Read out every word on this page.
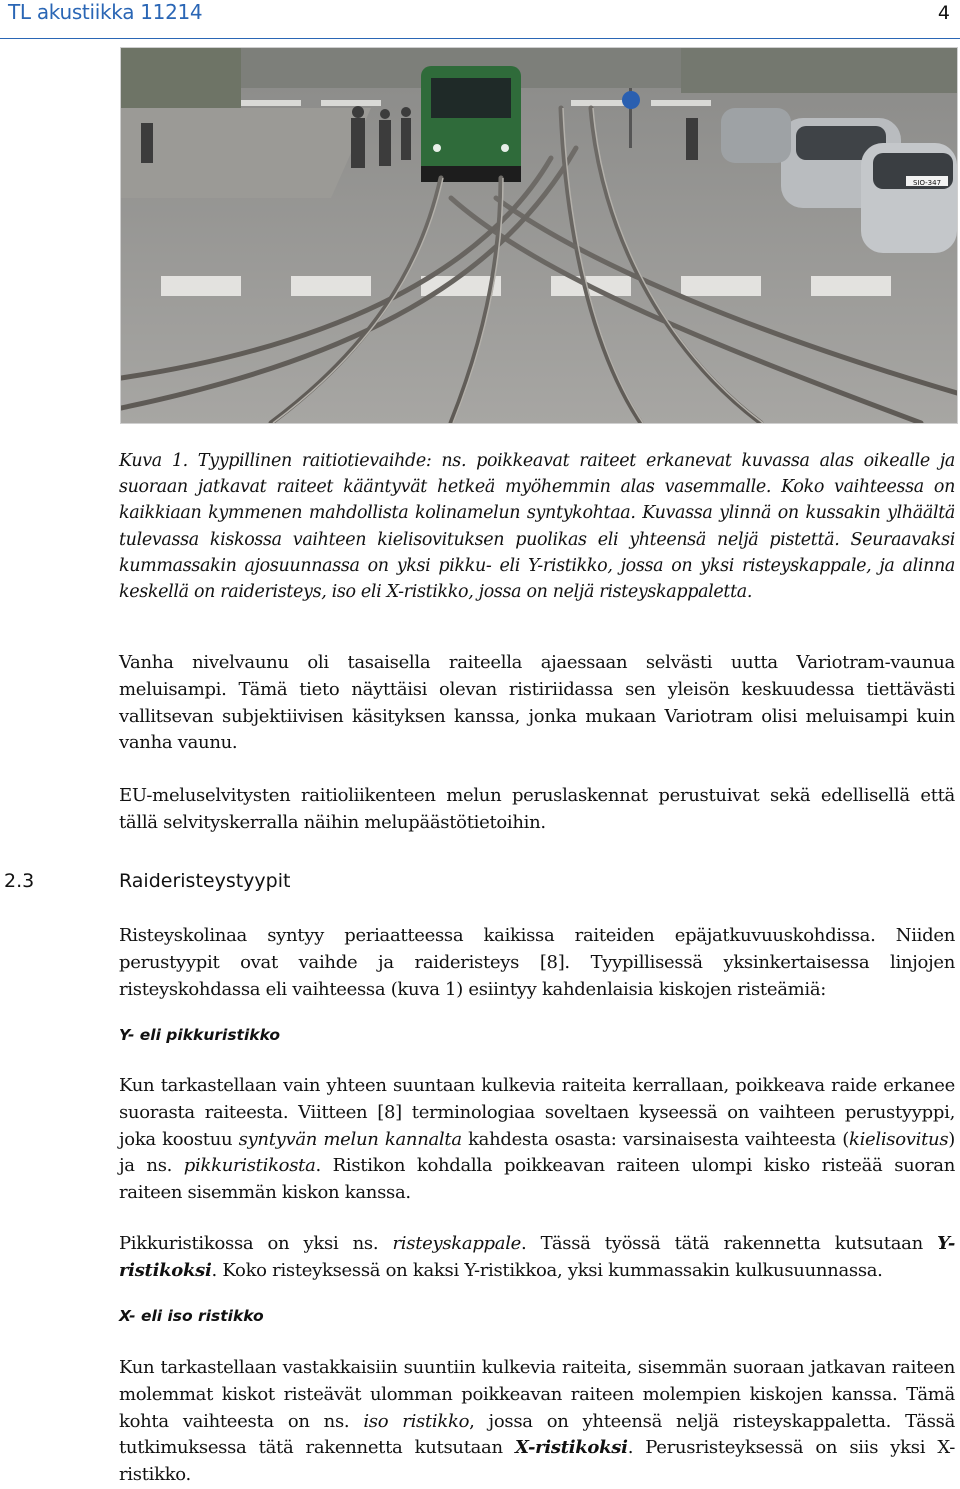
TL akustiikka 11214	4
SIO-347
Kuva 1. Tyypillinen raitiotievaihde: ns. poikkeavat raiteet erkanevat kuvassa alas oikealle ja suoraan jatkavat raiteet kääntyvät hetkeä myöhemmin alas vasemmalle. Koko vaihteessa on kaikkiaan kymmenen mahdollista kolinamelun syntykohtaa. Kuvassa ylinnä on kussakin ylhäältä tulevassa kiskossa vaihteen kielisovituksen puolikas eli yhteensä neljä pistettä. Seuraavaksi kummassakin ajosuunnassa on yksi pikku- eli Y-ristikko, jossa on yksi risteyskappale, ja alinna keskellä on raideristeys, iso eli X-ristikko, jossa on neljä risteyskappaletta.
Vanha nivelvaunu oli tasaisella raiteella ajaessaan selvästi uutta Variotram-vaunua meluisampi. Tämä tieto näyttäisi olevan ristiriidassa sen yleisön keskuudessa tiettävästi vallitsevan subjektiivisen käsityksen kanssa, jonka mukaan Variotram olisi meluisampi kuin vanha vaunu.
EU-meluselvitysten raitioliikenteen melun peruslaskennat perustuivat sekä edellisellä että tällä selvityskerralla näihin melupäästötietoihin.
2.3	Raideristeystyypit
Risteyskolinaa syntyy periaatteessa kaikissa raiteiden epäjatkuvuuskohdissa. Niiden perustyypit ovat vaihde ja raideristeys [8]. Tyypillisessä yksinkertaisessa linjojen risteyskohdassa eli vaihteessa (kuva 1) esiintyy kahdenlaisia kiskojen risteämiä:
Y- eli pikkuristikko
Kun tarkastellaan vain yhteen suuntaan kulkevia raiteita kerrallaan, poikkeava raide erkanee suorasta raiteesta. Viitteen [8] terminologiaa soveltaen kyseessä on vaihteen perustyyppi, joka koostuu syntyvän melun kannalta kahdesta osasta: varsinaisesta vaihteesta (kielisovitus) ja ns. pikkuristikosta. Ristikon kohdalla poikkeavan raiteen ulompi kisko risteää suoran raiteen sisemmän kiskon kanssa.
Pikkuristikossa on yksi ns. risteyskappale. Tässä työssä tätä rakennetta kutsutaan Y-ristikoksi. Koko risteyksessä on kaksi Y-ristikkoa, yksi kummassakin kulkusuunnassa.
X- eli iso ristikko
Kun tarkastellaan vastakkaisiin suuntiin kulkevia raiteita, sisemmän suoraan jatkavan raiteen molemmat kiskot risteävät ulomman poikkeavan raiteen molempien kiskojen kanssa. Tämä kohta vaihteesta on ns. iso ristikko, jossa on yhteensä neljä risteyskappaletta. Tässä tutkimuksessa tätä rakennetta kutsutaan X-ristikoksi. Perusristeyksessä on siis yksi X-ristikko.
